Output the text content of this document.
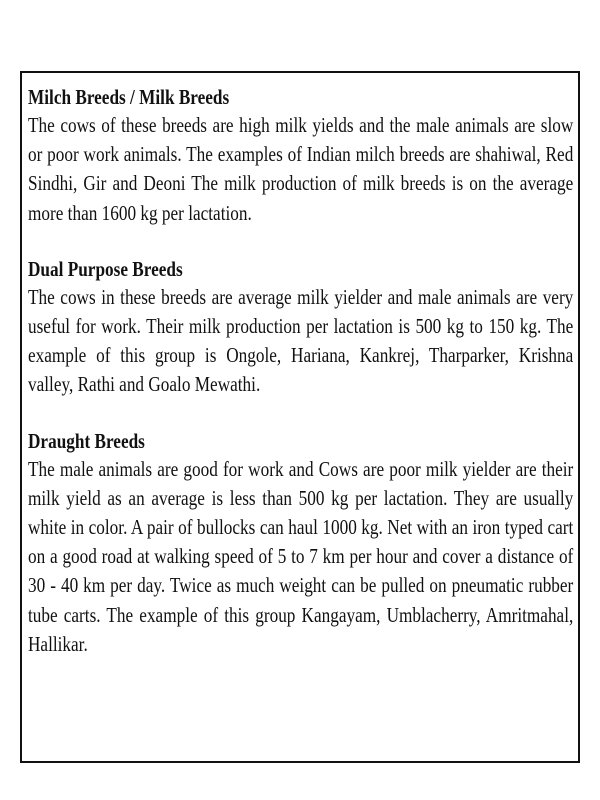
Milch Breeds / Milk Breeds

The cows of these breeds are high milk yields and the male animals are slow or poor work animals. The examples of Indian milch breeds are shahiwal, Red Sindhi, Gir and Deoni The milk production of milk breeds is on the average more than 1600 kg per lactation.

Dual Purpose Breeds

The cows in these breeds are average milk yielder and male animals are very useful for work. Their milk production per lactation is 500 kg to 150 kg. The example of this group is Ongole, Hariana, Kankrej, Tharparker, Krishna valley, Rathi and Goalo Mewathi.

Draught Breeds

The male animals are good for work and Cows are poor milk yielder are their milk yield as an average is less than 500 kg per lactation. They are usually white in color. A pair of bullocks can haul 1000 kg. Net with an iron typed cart on a good road at walking speed of 5 to 7 km per hour and cover a distance of 30 - 40 km per day. Twice as much weight can be pulled on pneumatic rubber tube carts. The example of this group Kangayam, Umblacherry, Amritmahal, Hallikar.
